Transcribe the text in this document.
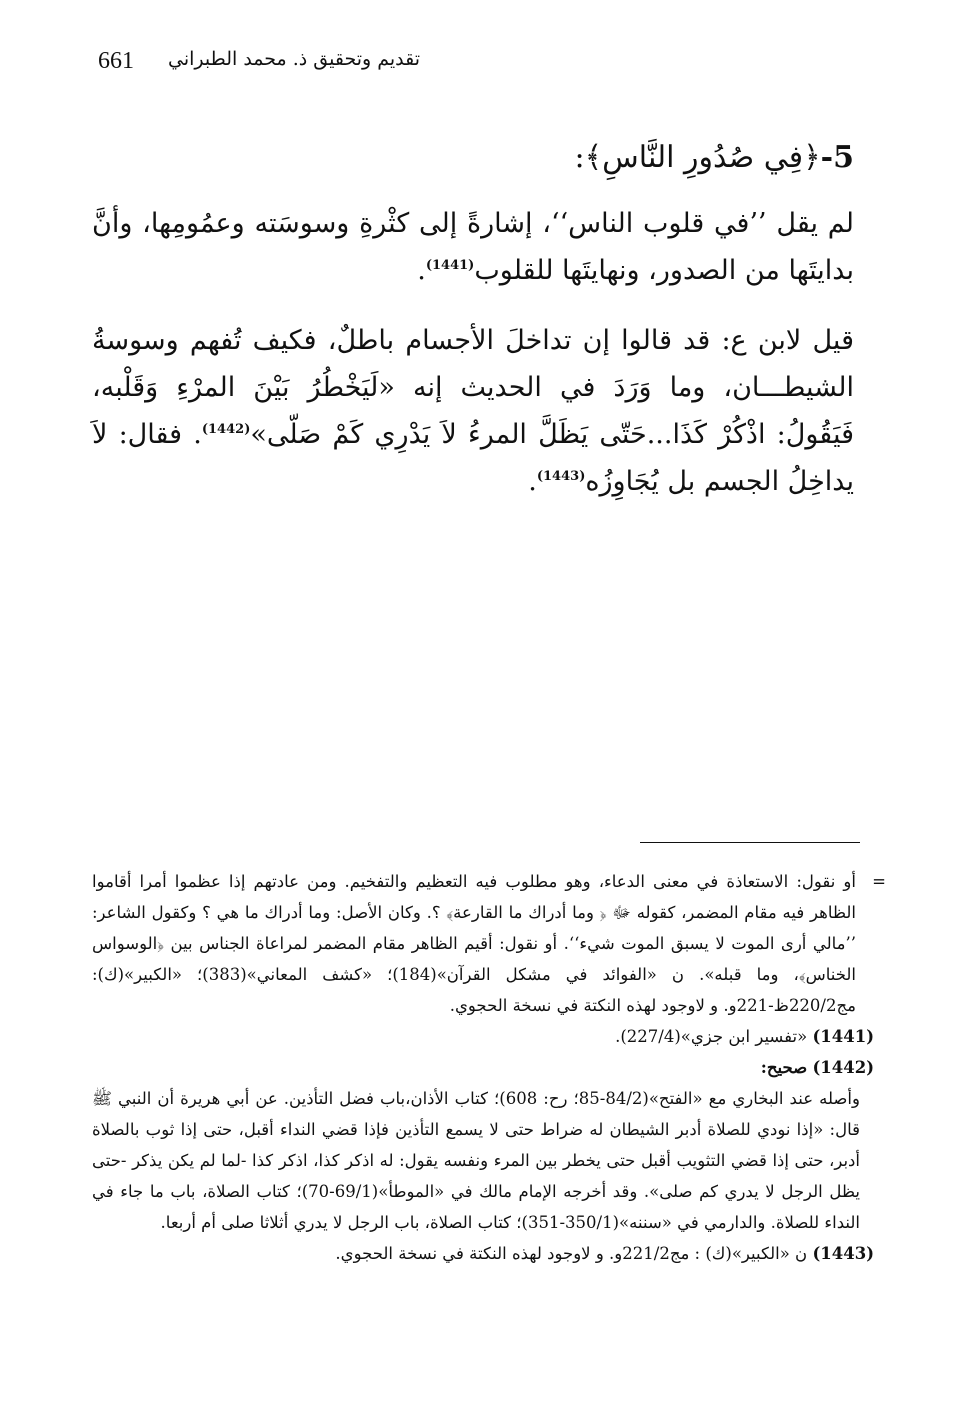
661 تقديم وتحقيق ذ. محمد الطبراني
5-﴿فِي صُدُورِ النَّاسِ﴾:

لم يقل ’’في قلوب الناس‘‘، إشارةً إلى كثْرةِ وسوسَته وعمُومِها، وأنَّ بدايتَها من الصدور، ونهايتَها للقلوب$^{(1441)}$.

قيل لابن ع: قد قالوا إن تداخلَ الأجسام باطلٌ، فكيف تُفهم وسوسةُ الشيطـــان، وما وَرَدَ في الحديث إنه «لَيَخْطُرُ بَيْنَ المرْءِ وَقَلْبه، فَيَقُولُ: اذْكُرْ كَذَا...حَتّى يَظَلَّ المرءُ لاَ يَدْرِي كَمْ صَلّى»$^{(1442)}$. فقال: لاَ يداخِلُ الجسم بل يُجَاوِزُه$^{(1443)}$.

=
أو نقول: الاستعاذة في معنى الدعاء، وهو مطلوب فيه التعظيم والتفخيم. ومن عادتهم إذا عظموا أمرا أقاموا الظاهر فيه مقام المضمر، كقوله ﷻ ﴿ وما أدراك ما القارعة﴾ ؟. وكان الأصل: وما أدراك ما هي ؟ وكقول الشاعر: ’’مالي أرى الموت لا يسبق الموت شيء‘‘. أو نقول: أقيم الظاهر مقام المضمر لمراعاة الجناس بين ﴿الوسواس الخناس﴾، وما قبله». ن «الفوائد في مشكل القرآن»(184)؛ «كشف المعاني»(383)؛ «الكبير»(ك): مج220/2ظ-221و. و لاوجود لهذه النكتة في نسخة الحجوي.

(1441) «تفسير ابن جزي»(227/4).

(1442) صحيح:

وأصله عند البخاري مع «الفتح»(84/2-85؛ رح: 608)؛ كتاب الأذان،باب فضل التأذين. عن أبي هريرة أن النبي ﷺ قال: «إذا نودي للصلاة أدبر الشيطان له ضراط حتى لا يسمع التأذين فإذا قضي النداء أقبل، حتى إذا ثوب بالصلاة أدبر، حتى إذا قضي التثويب أقبل حتى يخطر بين المرء ونفسه يقول: له اذكر كذا، اذكر كذا -لما لم يكن يذكر -حتى يظل الرجل لا يدري كم صلى». وقد أخرجه الإمام مالك في «الموطأ»(69/1-70)؛ كتاب الصلاة، باب ما جاء في النداء للصلاة. والدارمي في «سننه»(350/1-351)؛ كتاب الصلاة، باب الرجل لا يدري أثلاثا صلى أم أربعا.

(1443) ن «الكبير»(ك) : مج221/2و. و لاوجود لهذه النكتة في نسخة الحجوي.
